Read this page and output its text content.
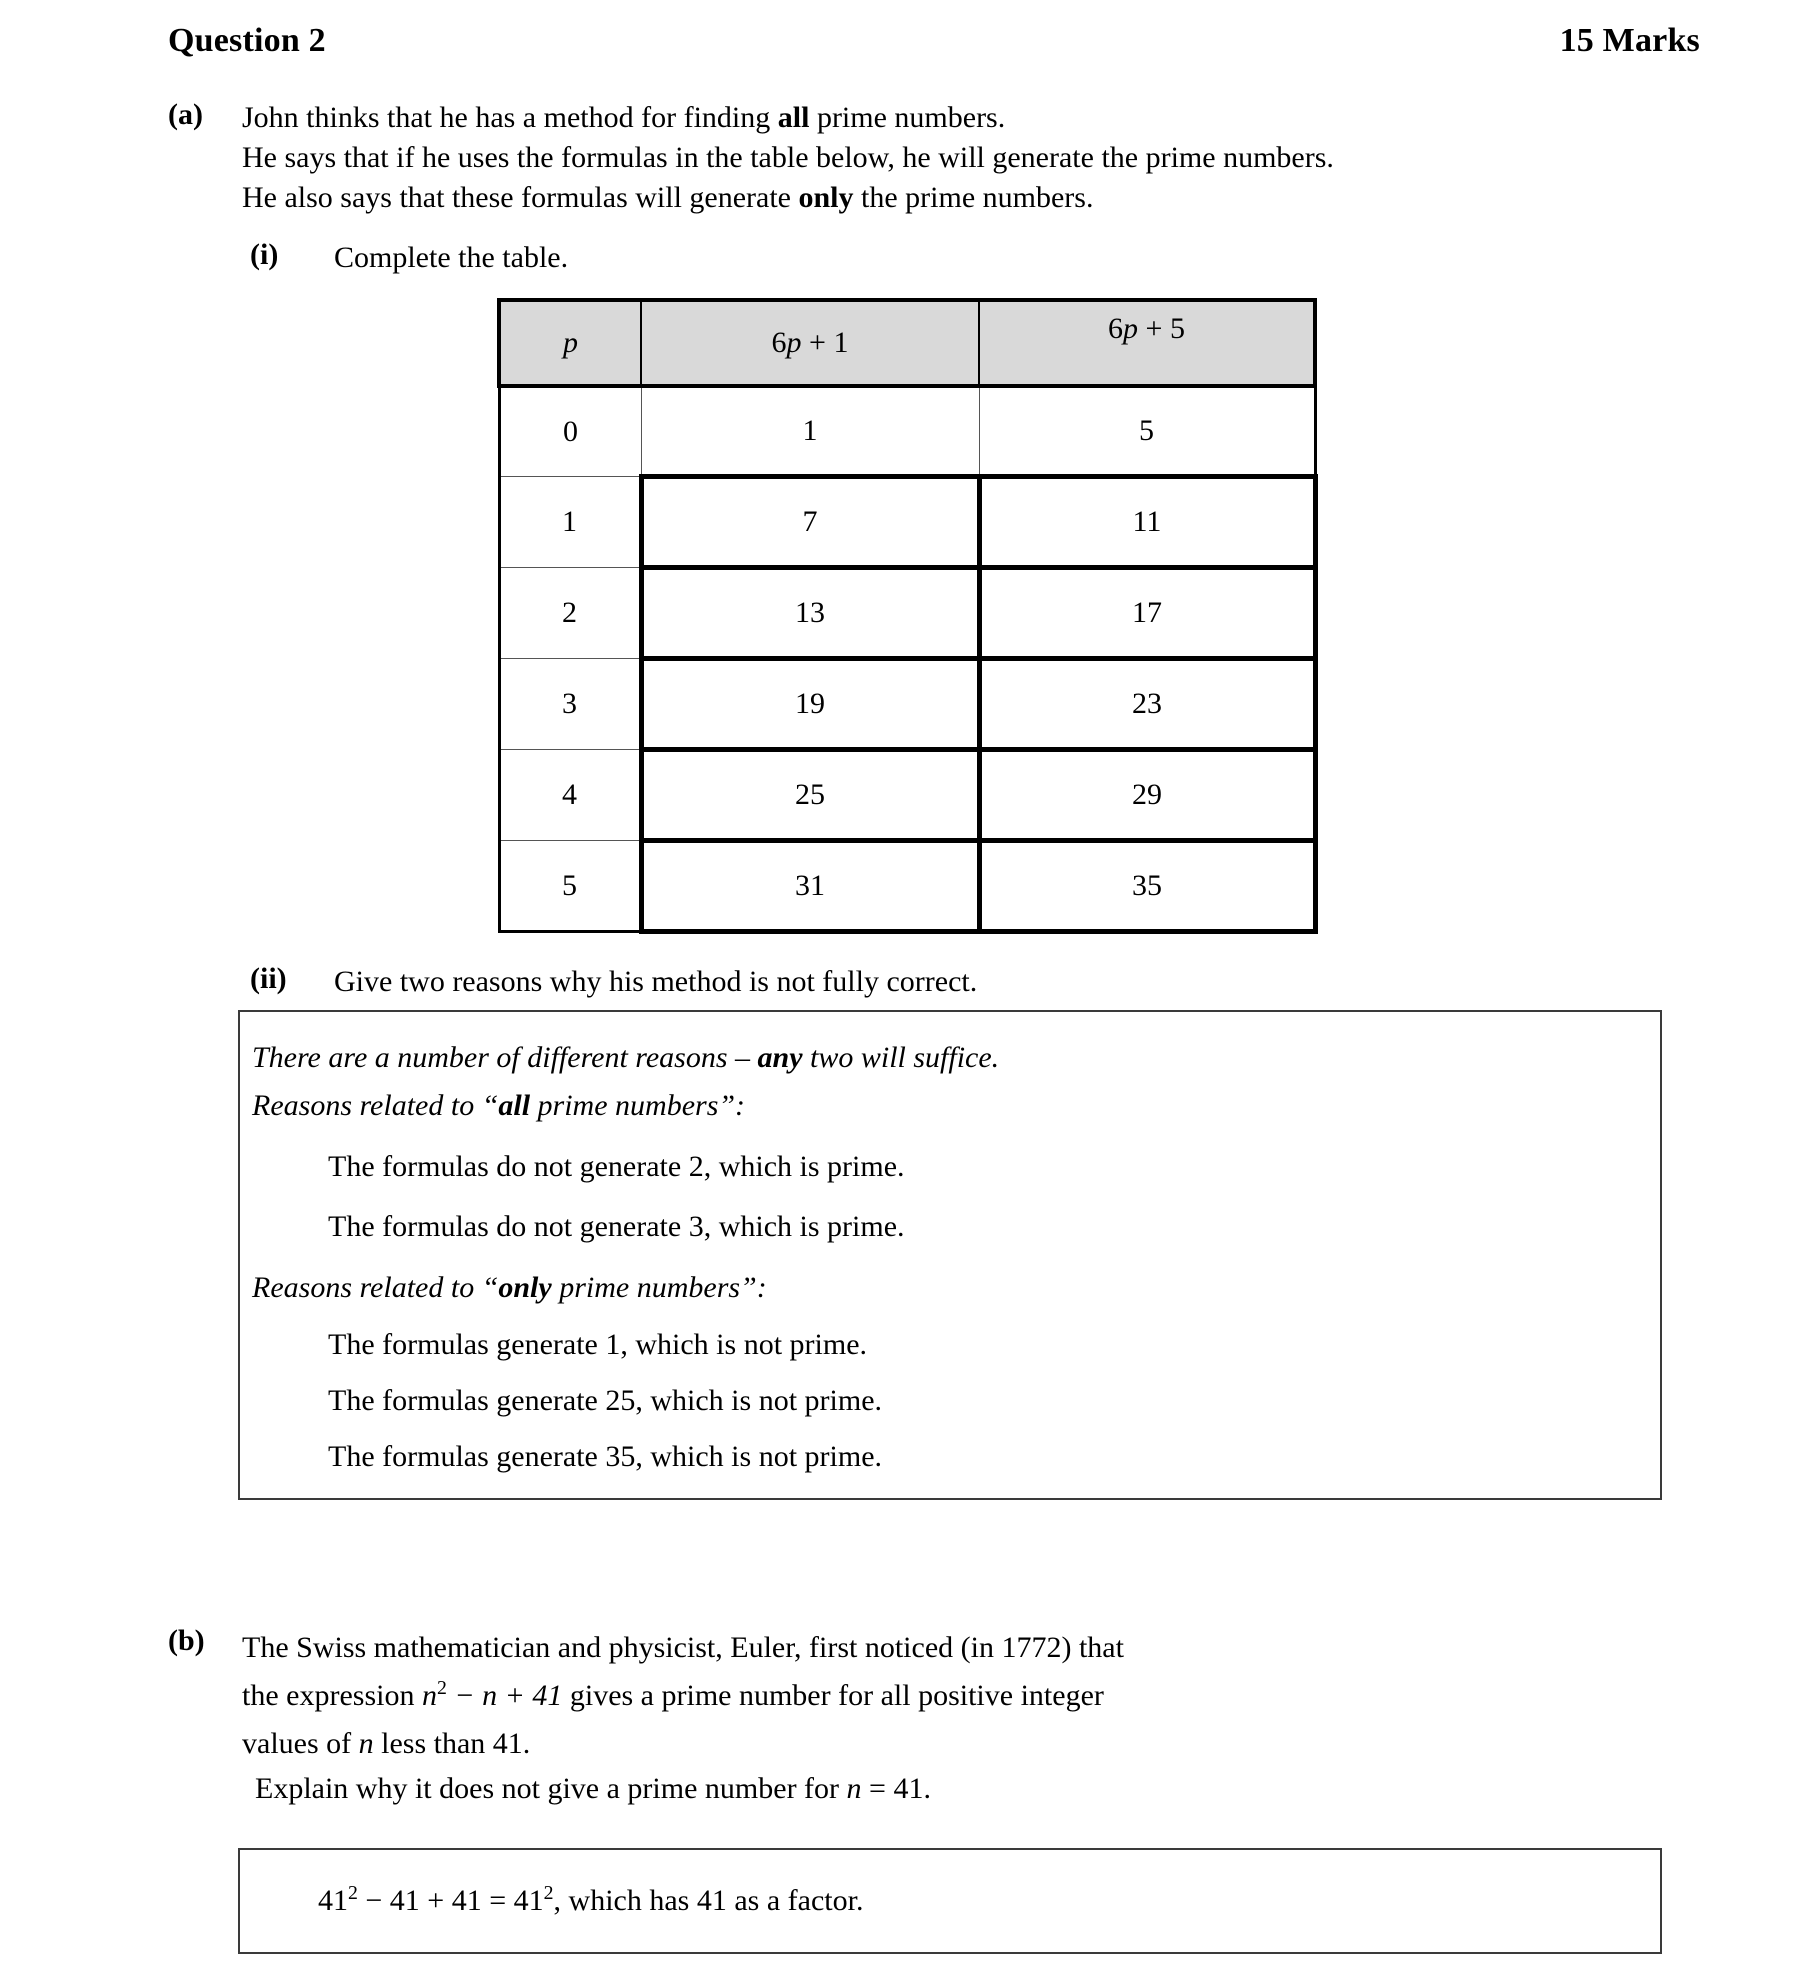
Question 2	15 Marks
(a)	John thinks that he has a method for finding all prime numbers.
He says that if he uses the formulas in the table below, he will generate the prime numbers.
He also says that these formulas will generate only the prime numbers.
(i)	Complete the table.
p	6p + 1	6p + 5
0	1	5
1	7	11
2	13	17
3	19	23
4	25	29
5	31	35
(ii)	Give two reasons why his method is not fully correct.
There are a number of different reasons – any two will suffice.
Reasons related to “all prime numbers”:
The formulas do not generate 2, which is prime.
The formulas do not generate 3, which is prime.
Reasons related to “only prime numbers”:
The formulas generate 1, which is not prime.
The formulas generate 25, which is not prime.
The formulas generate 35, which is not prime.
(b)	The Swiss mathematician and physicist, Euler, first noticed (in 1772) that
the expression $n^2 - n + 41$ gives a prime number for all positive integer
values of n less than 41.
Explain why it does not give a prime number for n = 41.
$41^2 - 41 + 41 = 41^2$, which has 41 as a factor.
